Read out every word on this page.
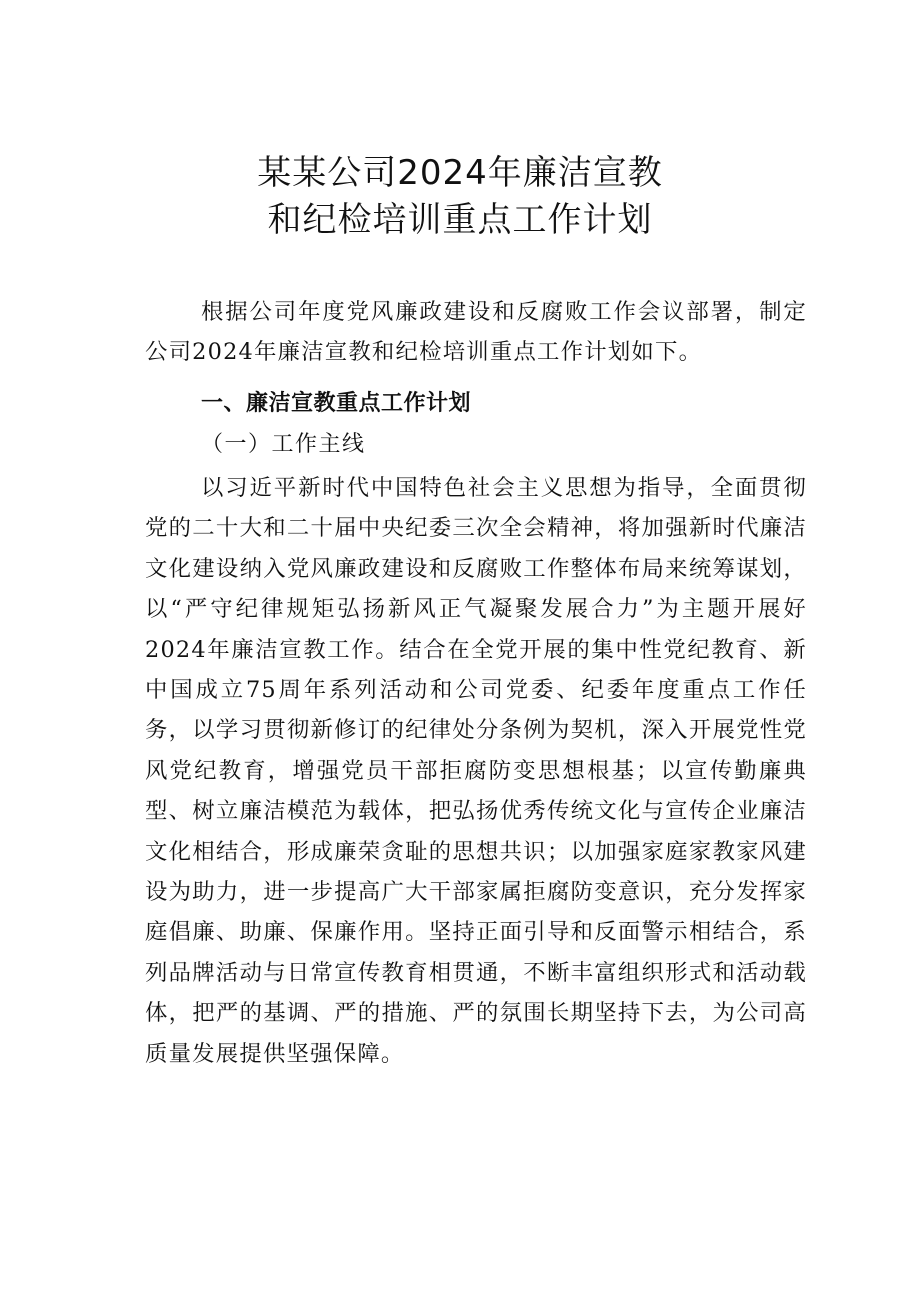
某某公司2024年廉洁宣教
和纪检培训重点工作计划

根据公司年度党风廉政建设和反腐败工作会议部署，制定公司2024年廉洁宣教和纪检培训重点工作计划如下。

一、廉洁宣教重点工作计划
（一）工作主线

以习近平新时代中国特色社会主义思想为指导，全面贯彻党的二十大和二十届中央纪委三次全会精神，将加强新时代廉洁文化建设纳入党风廉政建设和反腐败工作整体布局来统筹谋划，以“严守纪律规矩弘扬新风正气凝聚发展合力”为主题开展好2024年廉洁宣教工作。结合在全党开展的集中性党纪教育、新中国成立75周年系列活动和公司党委、纪委年度重点工作任务，以学习贯彻新修订的纪律处分条例为契机，深入开展党性党风党纪教育，增强党员干部拒腐防变思想根基；以宣传勤廉典型、树立廉洁模范为载体，把弘扬优秀传统文化与宣传企业廉洁文化相结合，形成廉荣贪耻的思想共识；以加强家庭家教家风建设为助力，进一步提高广大干部家属拒腐防变意识，充分发挥家庭倡廉、助廉、保廉作用。坚持正面引导和反面警示相结合，系列品牌活动与日常宣传教育相贯通，不断丰富组织形式和活动载体，把严的基调、严的措施、严的氛围长期坚持下去，为公司高质量发展提供坚强保障。
